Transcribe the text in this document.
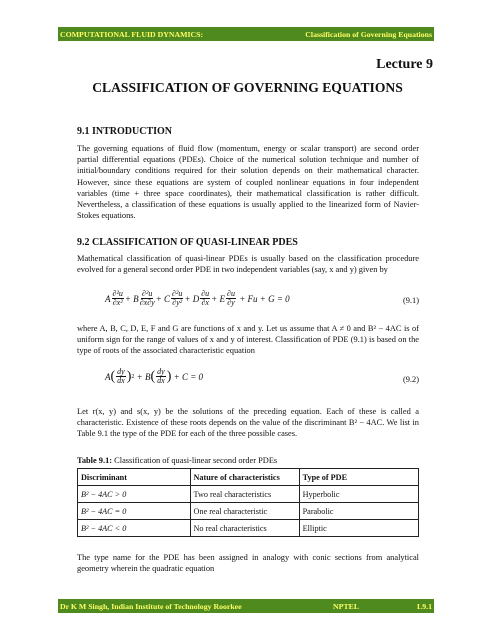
COMPUTATIONAL FLUID DYNAMICS:	Classification of Governing Equations
Lecture 9
CLASSIFICATION OF GOVERNING EQUATIONS
9.1 INTRODUCTION
The governing equations of fluid flow (momentum, energy or scalar transport) are second order partial differential equations (PDEs). Choice of the numerical solution technique and number of initial/boundary conditions required for their solution depends on their mathematical character. However, since these equations are system of coupled nonlinear equations in four independent variables (time + three space coordinates), their mathematical classification is rather difficult. Nevertheless, a classification of these equations is usually applied to the linearized form of Navier-Stokes equations.
9.2 CLASSIFICATION OF QUASI-LINEAR PDES
Mathematical classification of quasi-linear PDEs is usually based on the classification procedure evolved for a general second order PDE in two independent variables (say, x and y) given by
A $\frac{\text{∂²u}}{\text{∂x²}} + B \frac{\text{∂²u}}{\partial x\partial y} + C \frac{\text{∂²u}}{\text{∂y²}} + D \frac{\partial u}{\partial x} + E \frac{\partial u}{\partial y} + Fu + G = 0$	(9.1)
where A, B, C, D, E, F and G are functions of x and y. Let us assume that A ≠ 0 and B² − 4AC is of uniform sign for the range of values of x and y of interest. Classification of PDE (9.1) is based on the type of roots of the associated characteristic equation
A ( $\frac{dy}{dx}$ ) 2 + B ( $\frac{dy}{dx}$ ) + C = 0	(9.2)
Let r(x, y) and s(x, y) be the solutions of the preceding equation. Each of these is called a characteristic. Existence of these roots depends on the value of the discriminant B² − 4AC. We list in Table 9.1 the type of the PDE for each of the three possible cases.
Table 9.1: Classification of quasi-linear second order PDEs
Discriminant	Nature of characteristics	Type of PDE
B² − 4AC > 0	Two real characteristics	Hyperbolic
B² − 4AC = 0	One real characteristic	Parabolic
B² − 4AC < 0	No real characteristics	Elliptic
The type name for the PDE has been assigned in analogy with conic sections from analytical geometry wherein the quadratic equation
Dr K M Singh, Indian Institute of Technology Roorkee	NPTEL	L9.1
